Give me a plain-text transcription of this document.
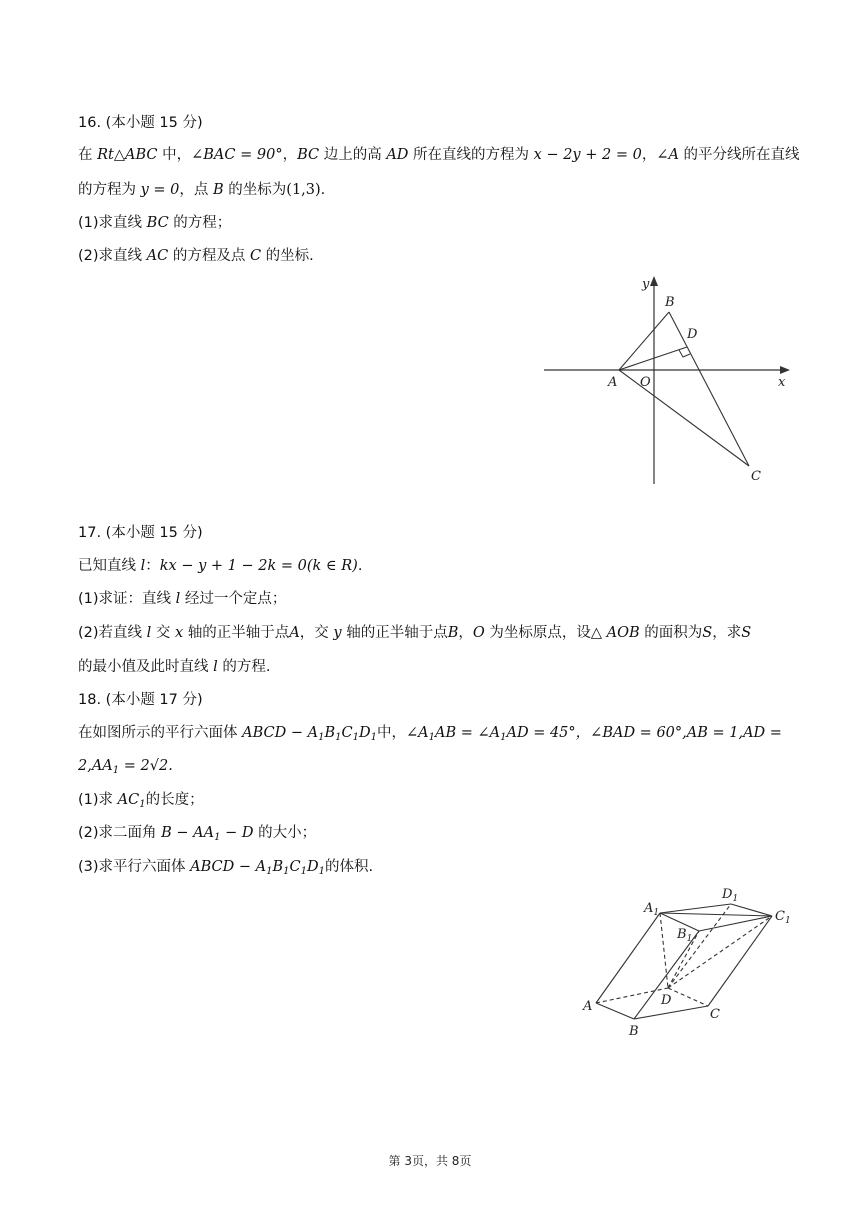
16. (本小题 15 分)
在 Rt△ABC 中，∠BAC = 90°，BC 边上的高 AD 所在直线的方程为 x − 2y + 2 = 0，∠A 的平分线所在直线
的方程为 y = 0，点 B 的坐标为(1,3).
(1)求直线 BC 的方程；
(2)求直线 AC 的方程及点 C 的坐标.
y
x
A O
B
D
C
17. (本小题 15 分)
已知直线 l：kx − y + 1 − 2k = 0(k ∈ R).
(1)求证：直线 l 经过一个定点；
(2)若直线 l 交 x 轴的正半轴于点A，交 y 轴的正半轴于点B，O 为坐标原点，设△ AOB 的面积为S，求S
的最小值及此时直线 l 的方程.
18. (本小题 17 分)
在如图所示的平行六面体 ABCD − $A_1B_1C_1D_1$中，$\angle A_1AB$ = $\angle A_1AD = 45^\circ$，∠BAD = 60°,AB = 1,AD =
$2,AA_1 = 2√2$.
(1)求 $AC_1$的长度；
(2)求二面角 $B - AA_1 - D$ 的大小；
(3)求平行六面体 ABCD − $A_1B_1C_1D_1$的体积.
$A_1$
$D_1$
$C_1$
$B_1$
A
B
C
D
第 3页，共 8页
